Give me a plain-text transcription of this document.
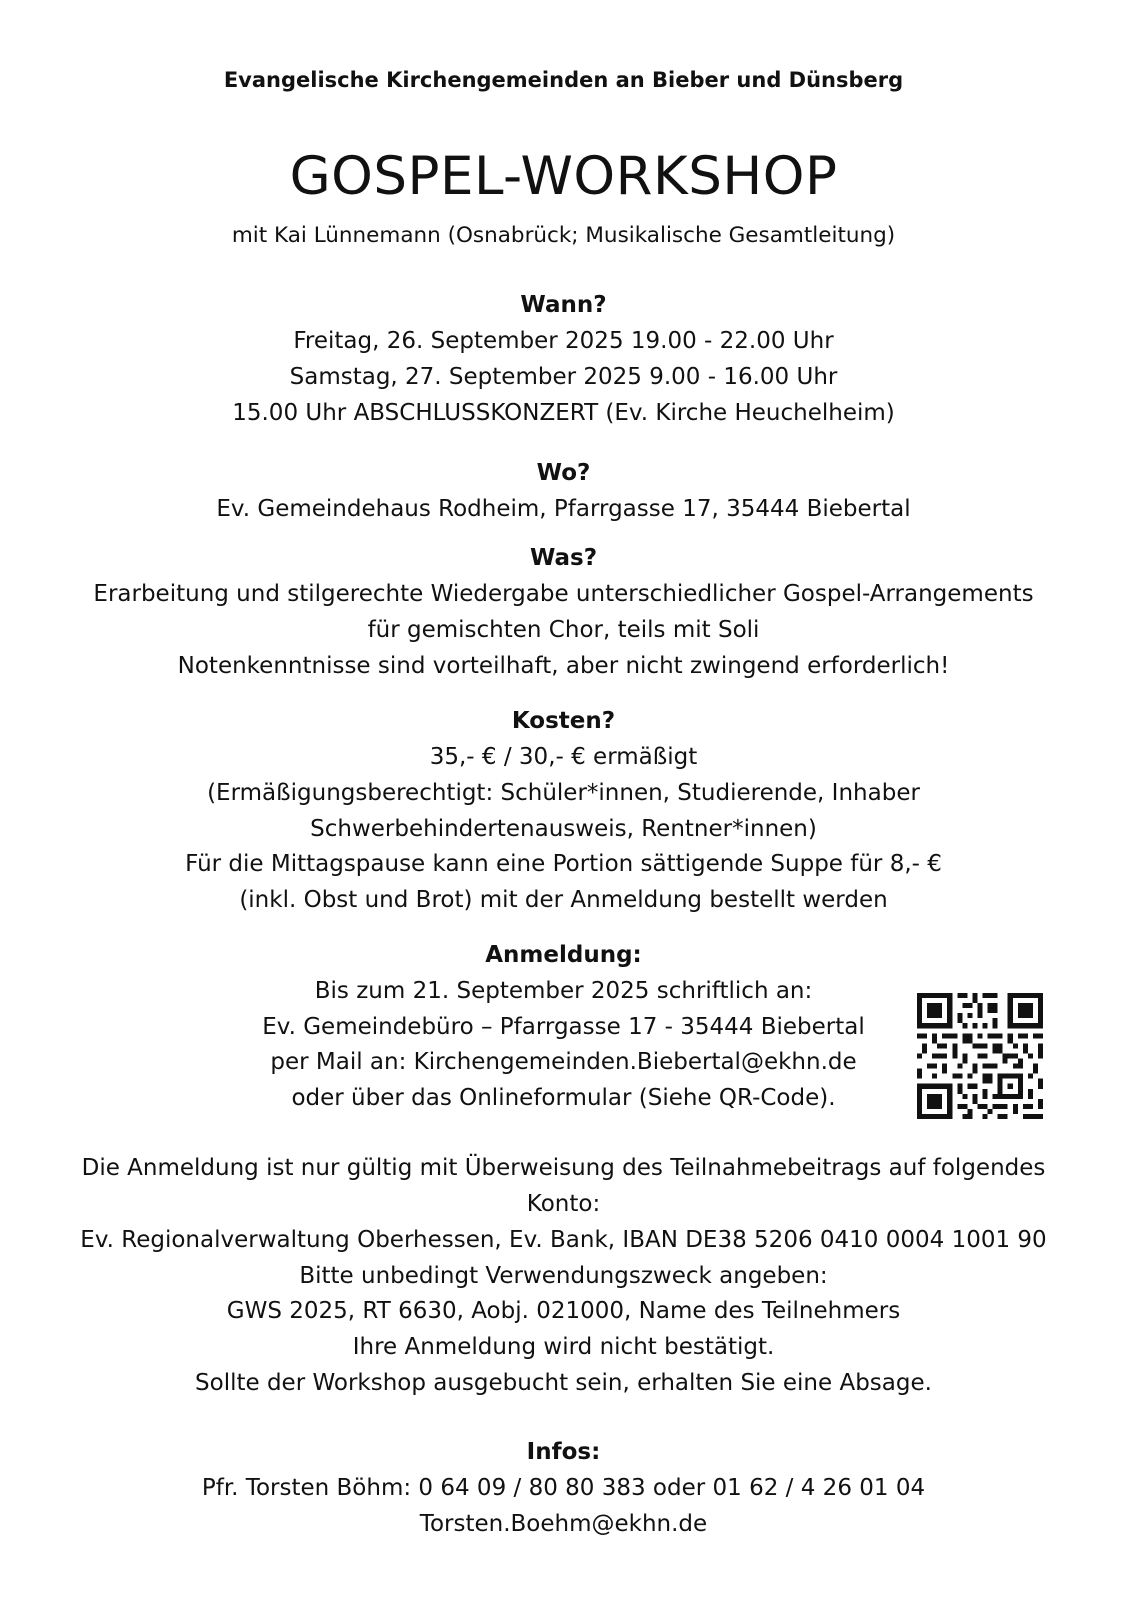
Evangelische Kirchengemeinden an Bieber und Dünsberg
GOSPEL-WORKSHOP
mit Kai Lünnemann (Osnabrück; Musikalische Gesamtleitung)
Wann?
Freitag, 26. September 2025 19.00 - 22.00 Uhr
Samstag, 27. September 2025 9.00 - 16.00 Uhr
15.00 Uhr ABSCHLUSSKONZERT (Ev. Kirche Heuchelheim)
Wo?
Ev. Gemeindehaus Rodheim, Pfarrgasse 17, 35444 Biebertal
Was?
Erarbeitung und stilgerechte Wiedergabe unterschiedlicher Gospel-Arrangements
für gemischten Chor, teils mit Soli
Notenkenntnisse sind vorteilhaft, aber nicht zwingend erforderlich!
Kosten?
35,- € / 30,- € ermäßigt
(Ermäßigungsberechtigt: Schüler*innen, Studierende, Inhaber
Schwerbehindertenausweis, Rentner*innen)
Für die Mittagspause kann eine Portion sättigende Suppe für 8,- €
(inkl. Obst und Brot) mit der Anmeldung bestellt werden
Anmeldung:
Bis zum 21. September 2025 schriftlich an:
Ev. Gemeindebüro – Pfarrgasse 17 - 35444 Biebertal
per Mail an: Kirchengemeinden.Biebertal@ekhn.de
oder über das Onlineformular (Siehe QR-Code).
Die Anmeldung ist nur gültig mit Überweisung des Teilnahmebeitrags auf folgendes
Konto:
Ev. Regionalverwaltung Oberhessen, Ev. Bank, IBAN DE38 5206 0410 0004 1001 90
Bitte unbedingt Verwendungszweck angeben:
GWS 2025, RT 6630, Aobj. 021000, Name des Teilnehmers
Ihre Anmeldung wird nicht bestätigt.
Sollte der Workshop ausgebucht sein, erhalten Sie eine Absage.
Infos:
Pfr. Torsten Böhm: 0 64 09 / 80 80 383 oder 01 62 / 4 26 01 04
Torsten.Boehm@ekhn.de
